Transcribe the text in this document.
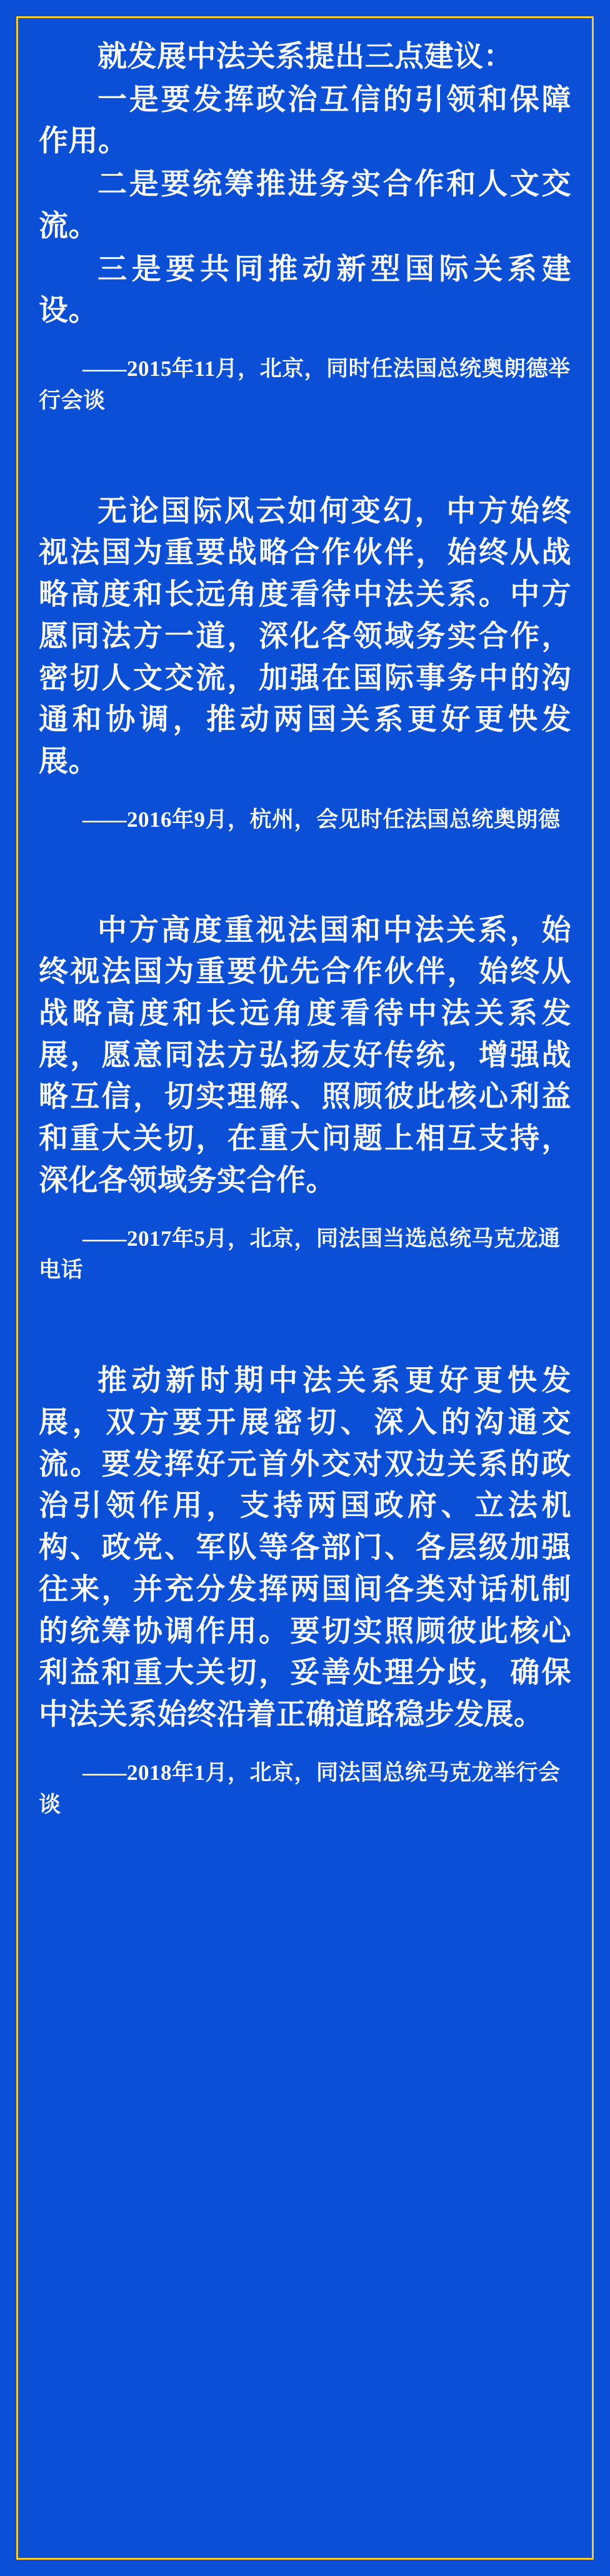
就发展中法关系提出三点建议：

一是要发挥政治互信的引领和保障作用。

二是要统筹推进务实合作和人文交流。

三是要共同推动新型国际关系建设。

——2015年11月，北京，同时任法国总统奥朗德举行会谈

无论国际风云如何变幻，中方始终视法国为重要战略合作伙伴，始终从战略高度和长远角度看待中法关系。中方愿同法方一道，深化各领域务实合作，密切人文交流，加强在国际事务中的沟通和协调，推动两国关系更好更快发展。

——2016年9月，杭州，会见时任法国总统奥朗德

中方高度重视法国和中法关系，始终视法国为重要优先合作伙伴，始终从战略高度和长远角度看待中法关系发展，愿意同法方弘扬友好传统，增强战略互信，切实理解、照顾彼此核心利益和重大关切，在重大问题上相互支持，深化各领域务实合作。

——2017年5月，北京，同法国当选总统马克龙通电话

推动新时期中法关系更好更快发展，双方要开展密切、深入的沟通交流。要发挥好元首外交对双边关系的政治引领作用，支持两国政府、立法机构、政党、军队等各部门、各层级加强往来，并充分发挥两国间各类对话机制的统筹协调作用。要切实照顾彼此核心利益和重大关切，妥善处理分歧，确保中法关系始终沿着正确道路稳步发展。

——2018年1月，北京，同法国总统马克龙举行会谈
